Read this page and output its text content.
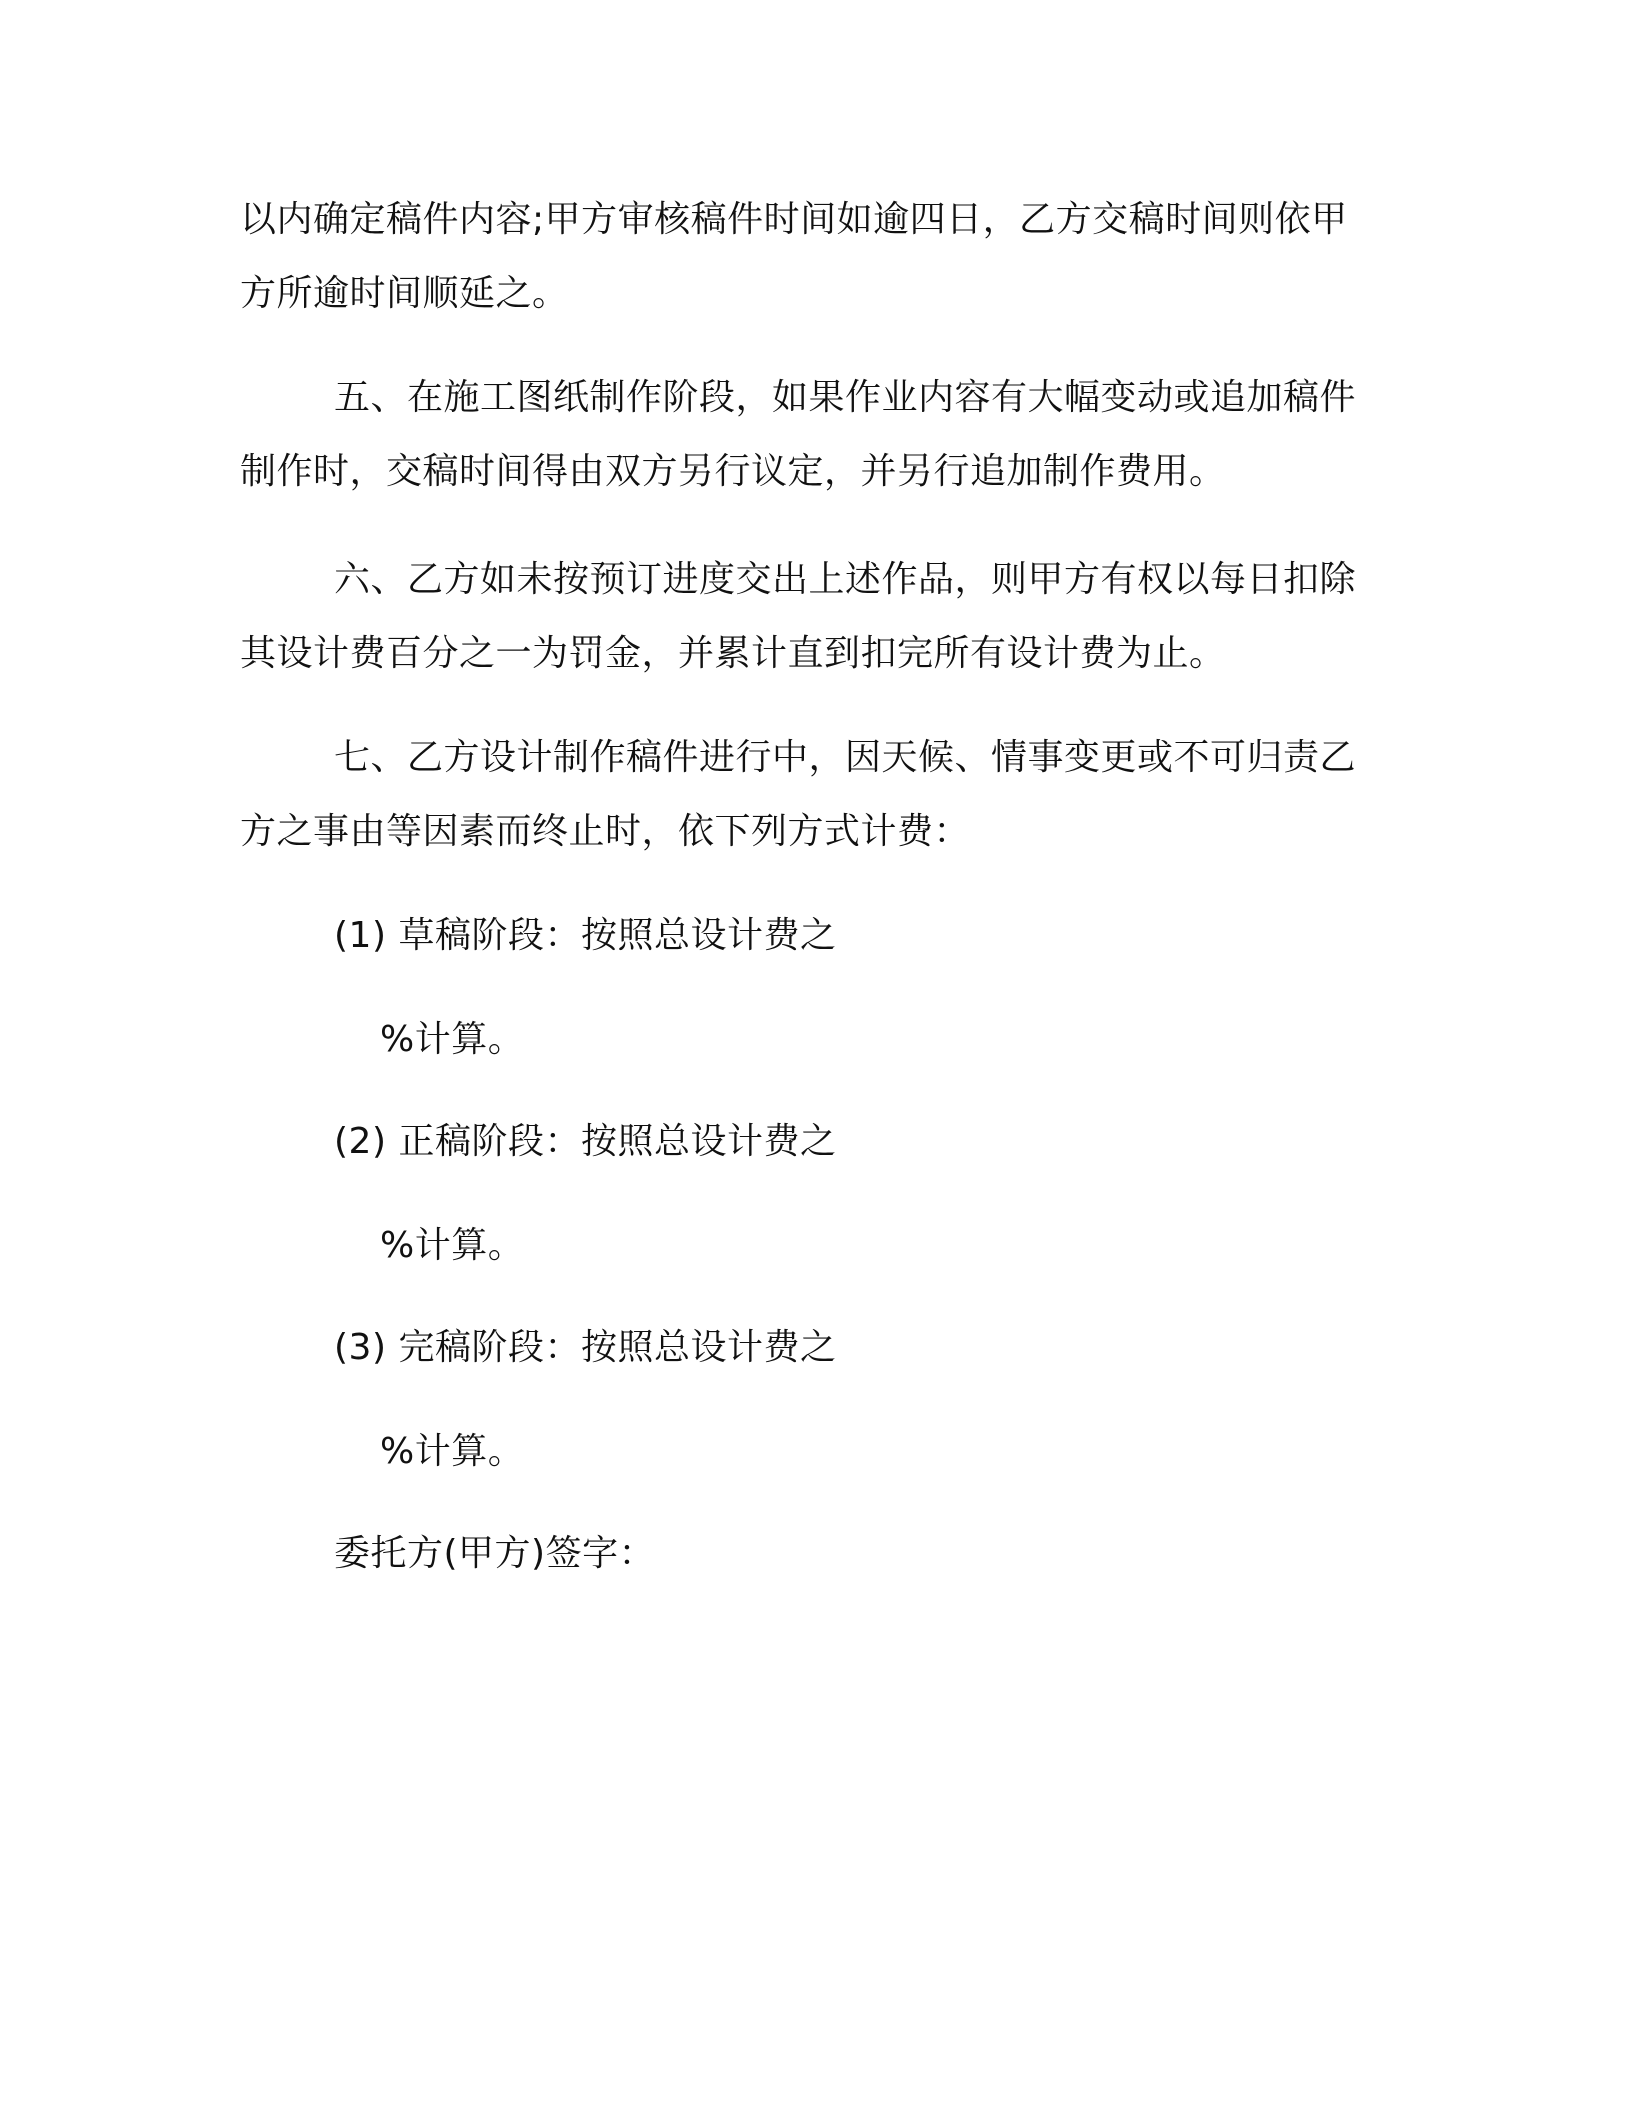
以内确定稿件内容;甲方审核稿件时间如逾四日，乙方交稿时间则依甲
方所逾时间顺延之。
五、在施工图纸制作阶段，如果作业内容有大幅变动或追加稿件
制作时，交稿时间得由双方另行议定，并另行追加制作费用。
六、乙方如未按预订进度交出上述作品，则甲方有权以每日扣除
其设计费百分之一为罚金，并累计直到扣完所有设计费为止。
七、乙方设计制作稿件进行中，因天候、情事变更或不可归责乙
方之事由等因素而终止时，依下列方式计费：
(1) 草稿阶段：按照总设计费之
%计算。
(2) 正稿阶段：按照总设计费之
%计算。
(3) 完稿阶段：按照总设计费之
%计算。
委托方(甲方)签字：
